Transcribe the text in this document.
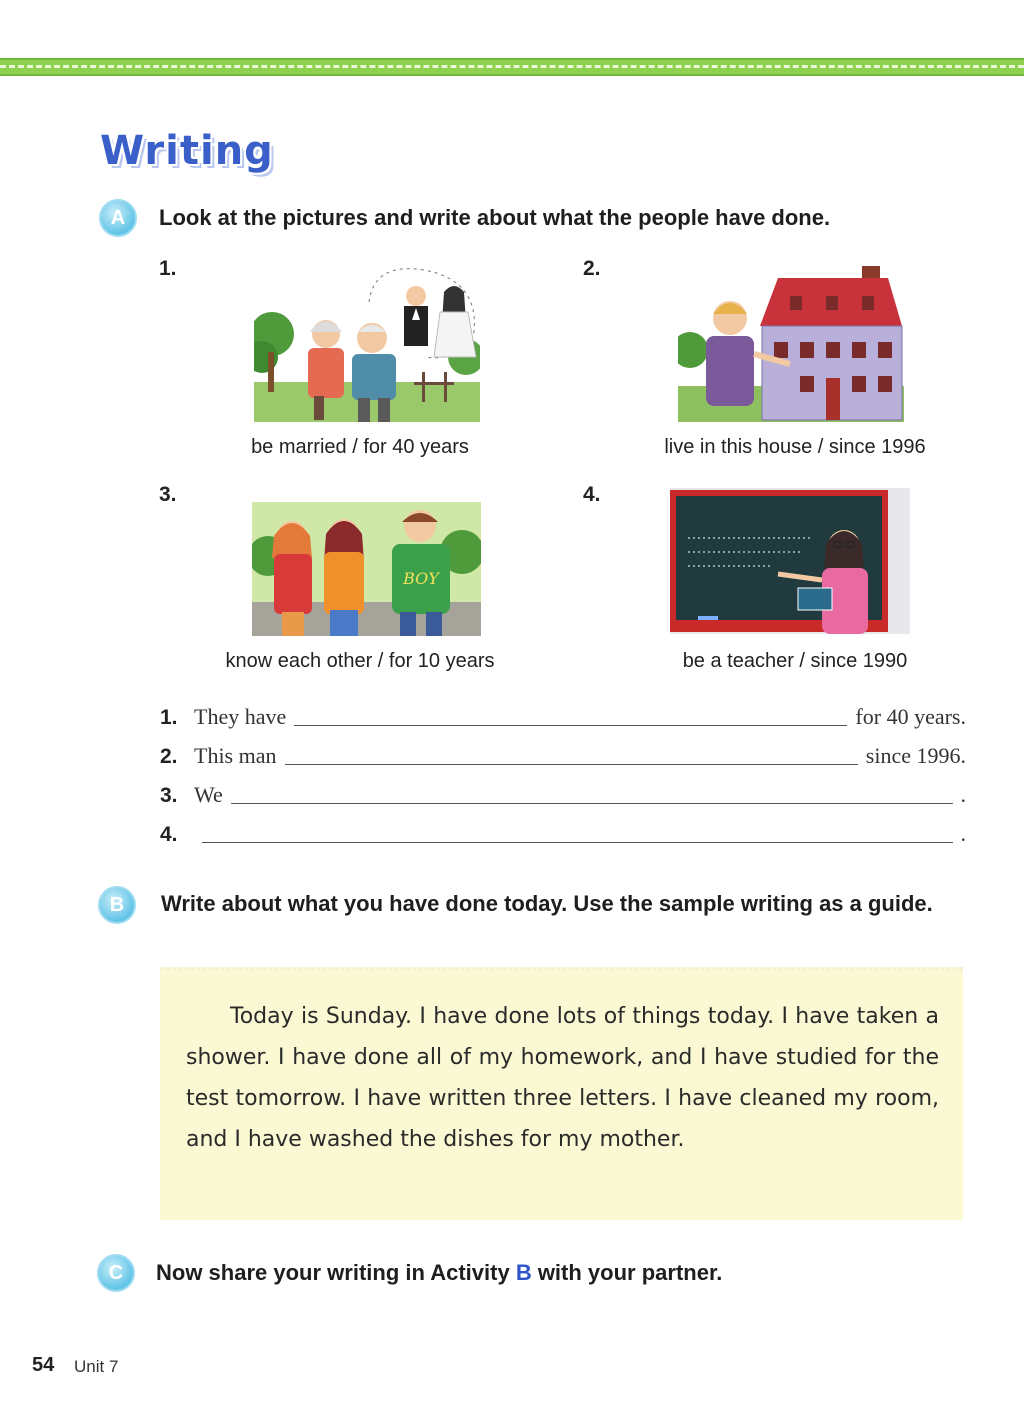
Writing
A	Look at the pictures and write about what the people have done.
1.	2.
3.	4.
BOY
be married / for 40 years	live in this house / since 1996
know each other / for 10 years	be a teacher / since 1990
1. They have	for 40 years.
2. This man	since 1996.
3. We	.
4.	.
B	Write about what you have done today. Use the sample writing as a guide.

Today is Sunday. I have done lots of things today. I have taken a shower. I have done all of my homework, and I have studied for the test tomorrow. I have written three letters. I have cleaned my room, and I have washed the dishes for my mother.

C	Now share your writing in Activity B with your partner.
54 Unit 7
